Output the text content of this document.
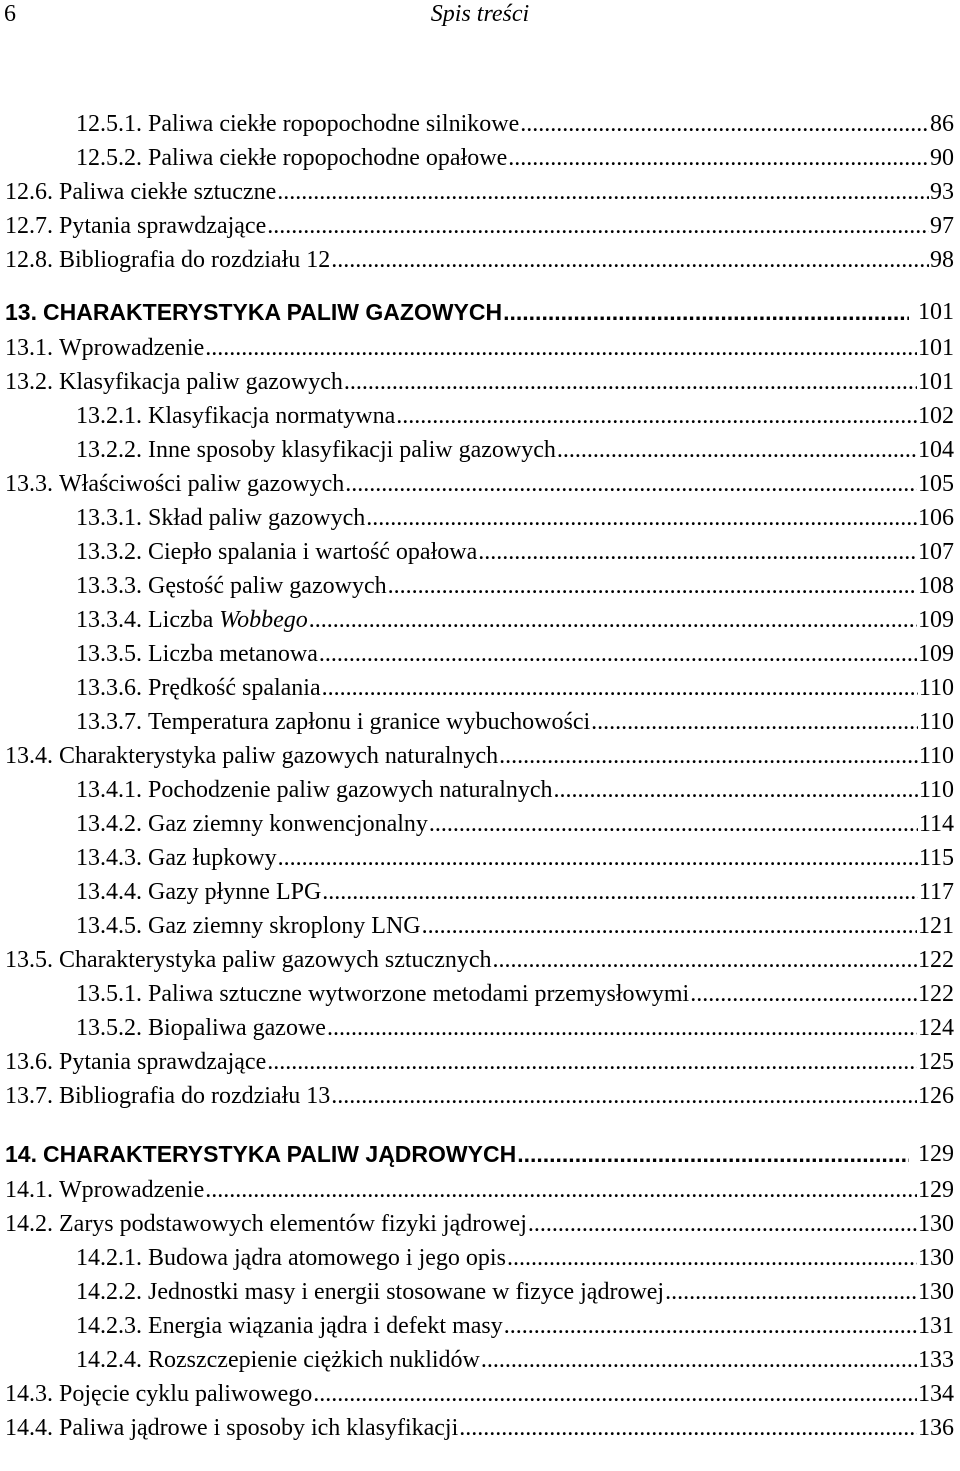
6	Spis treści
12.5.1. Paliwa ciekłe ropopochodne silnikowe .....	86
12.5.2. Paliwa ciekłe ropopochodne opałowe .....	90
12.6. Paliwa ciekłe sztuczne .....	93
12.7. Pytania sprawdzające .....	97
12.8. Bibliografia do rozdziału 12 .....	98
13. CHARAKTERYSTYKA PALIW GAZOWYCH .....	101
13.1. Wprowadzenie .....	101
13.2. Klasyfikacja paliw gazowych .....	101
13.2.1. Klasyfikacja normatywna .....	102
13.2.2. Inne sposoby klasyfikacji paliw gazowych .....	104
13.3. Właściwości paliw gazowych .....	105
13.3.1. Skład paliw gazowych .....	106
13.3.2. Ciepło spalania i wartość opałowa .....	107
13.3.3. Gęstość paliw gazowych .....	108
13.3.4. Liczba Wobbego .....	109
13.3.5. Liczba metanowa .....	109
13.3.6. Prędkość spalania .....	110
13.3.7. Temperatura zapłonu i granice wybuchowości .....	110
13.4. Charakterystyka paliw gazowych naturalnych .....	110
13.4.1. Pochodzenie paliw gazowych naturalnych .....	110
13.4.2. Gaz ziemny konwencjonalny .....	114
13.4.3. Gaz łupkowy .....	115
13.4.4. Gazy płynne LPG .....	117
13.4.5. Gaz ziemny skroplony LNG .....	121
13.5. Charakterystyka paliw gazowych sztucznych .....	122
13.5.1. Paliwa sztuczne wytworzone metodami przemysłowymi .....	122
13.5.2. Biopaliwa gazowe .....	124
13.6. Pytania sprawdzające .....	125
13.7. Bibliografia do rozdziału 13 .....	126
14. CHARAKTERYSTYKA PALIW JĄDROWYCH .....	129
14.1. Wprowadzenie .....	129
14.2. Zarys podstawowych elementów fizyki jądrowej .....	130
14.2.1. Budowa jądra atomowego i jego opis .....	130
14.2.2. Jednostki masy i energii stosowane w fizyce jądrowej .....	130
14.2.3. Energia wiązania jądra i defekt masy .....	131
14.2.4. Rozszczepienie ciężkich nuklidów .....	133
14.3. Pojęcie cyklu paliwowego .....	134
14.4. Paliwa jądrowe i sposoby ich klasyfikacji .....	136
